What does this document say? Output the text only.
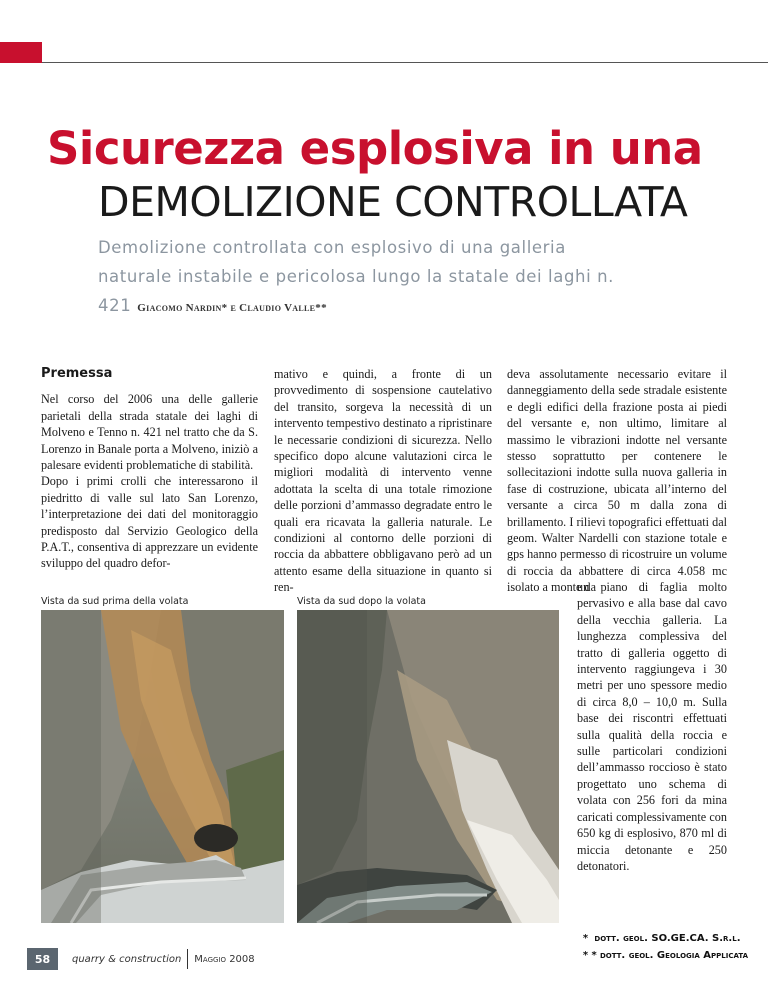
Sicurezza esplosiva in una
DEMOLIZIONE CONTROLLATA

Demolizione controllata con esplosivo di una galleria naturale instabile e pericolosa lungo la statale dei laghi n. 421 Giacomo Nardin* e Claudio Valle**

Premessa

Nel corso del 2006 una delle gallerie parietali della strada statale dei laghi di Molveno e Tenno n. 421 nel tratto che da S. Lorenzo in Banale porta a Molveno, iniziò a palesare evidenti problematiche di stabilità.

Dopo i primi crolli che interessarono il piedritto di valle sul lato San Lorenzo, l’interpretazione dei dati del monitoraggio predisposto dal Servizio Geologico della P.A.T., consentiva di apprezzare un evidente sviluppo del quadro defor-

mativo e quindi, a fronte di un provvedimento di sospensione cautelativo del transito, sorgeva la necessità di un intervento tempestivo destinato a ripristinare le necessarie condizioni di sicurezza. Nello specifico dopo alcune valutazioni circa le migliori modalità di intervento venne adottata la scelta di una totale rimozione delle porzioni d’ammasso degradate entro le quali era ricavata la galleria naturale. Le condizioni al contorno delle porzioni di roccia da abbattere obbligavano però ad un attento esame della situazione in quanto si ren-

deva assolutamente necessario evitare il danneggiamento della sede stradale esistente e degli edifici della frazione posta ai piedi del versante e, non ultimo, limitare al massimo le vibrazioni indotte nel versante stesso soprattutto per contenere le sollecitazioni indotte sulla nuova galleria in fase di costruzione, ubicata all’interno del versante a circa 50 m dalla zona di brillamento. I rilievi topografici effettuati dal geom. Walter Nardelli con stazione totale e gps hanno permesso di ricostruire un volume di roccia da abbattere di circa 4.058 mc isolato a monte da

un piano di faglia molto pervasivo e alla base dal cavo della vecchia galleria. La lunghezza complessiva del tratto di galleria oggetto di intervento raggiungeva i 30 metri per uno spessore medio di circa 8,0 – 10,0 m. Sulla base dei riscontri effettuati sulla qualità della roccia e sulle particolari condizioni dell’ammasso roccioso è stato progettato uno schema di volata con 256 fori da mina caricati complessivamente con 650 kg di esplosivo, 870 ml di miccia detonante e 250 detonatori.

Vista da sud prima della volata	Vista da sud dopo la volata
* dott. geol. SO.GE.CA. S.r.l.
* * dott. geol. Geologia Applicata
58	quarry & construction Maggio 2008
